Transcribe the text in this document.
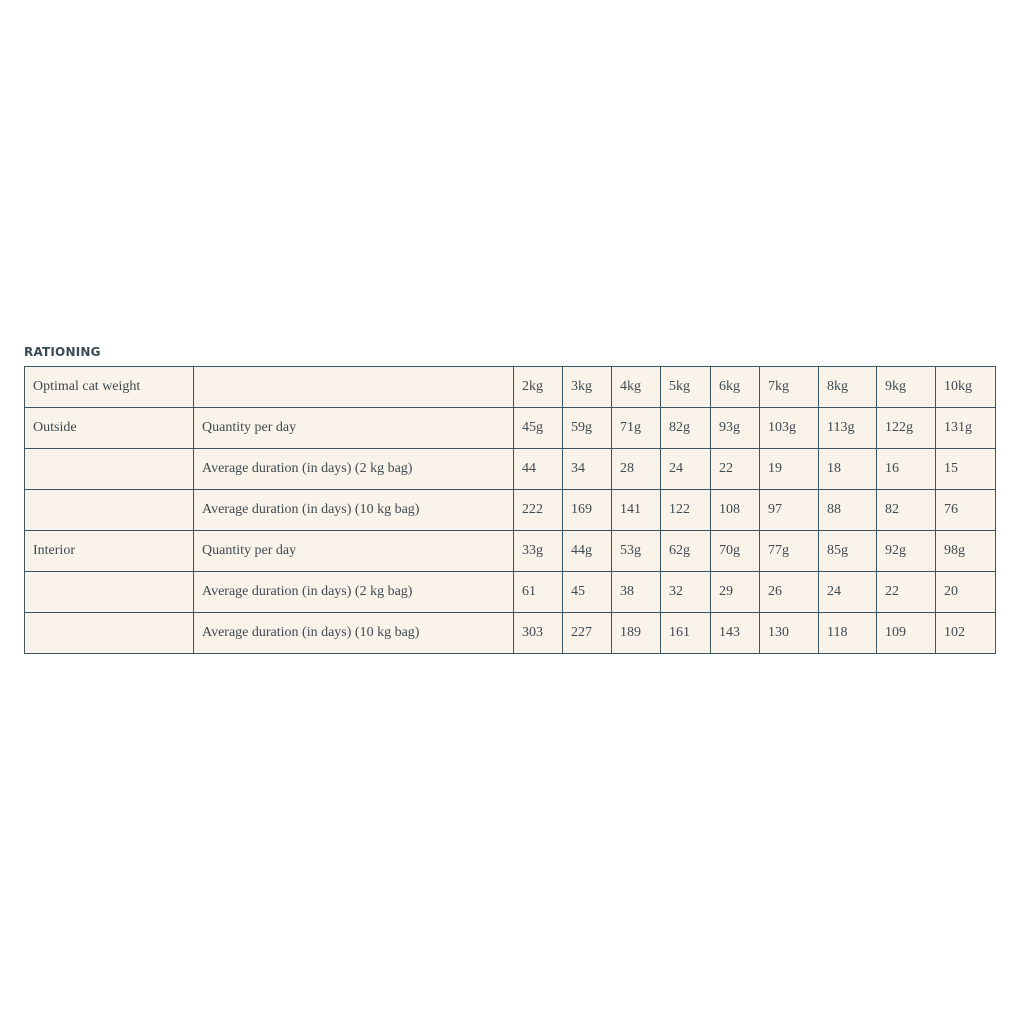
RATIONING
Optimal cat weight		2kg	3kg	4kg	5kg	6kg	7kg	8kg	9kg	10kg
Outside	Quantity per day	45g	59g	71g	82g	93g	103g	113g	122g	131g
	Average duration (in days) (2 kg bag)	44	34	28	24	22	19	18	16	15
	Average duration (in days) (10 kg bag)	222	169	141	122	108	97	88	82	76
Interior	Quantity per day	33g	44g	53g	62g	70g	77g	85g	92g	98g
	Average duration (in days) (2 kg bag)	61	45	38	32	29	26	24	22	20
	Average duration (in days) (10 kg bag)	303	227	189	161	143	130	118	109	102
